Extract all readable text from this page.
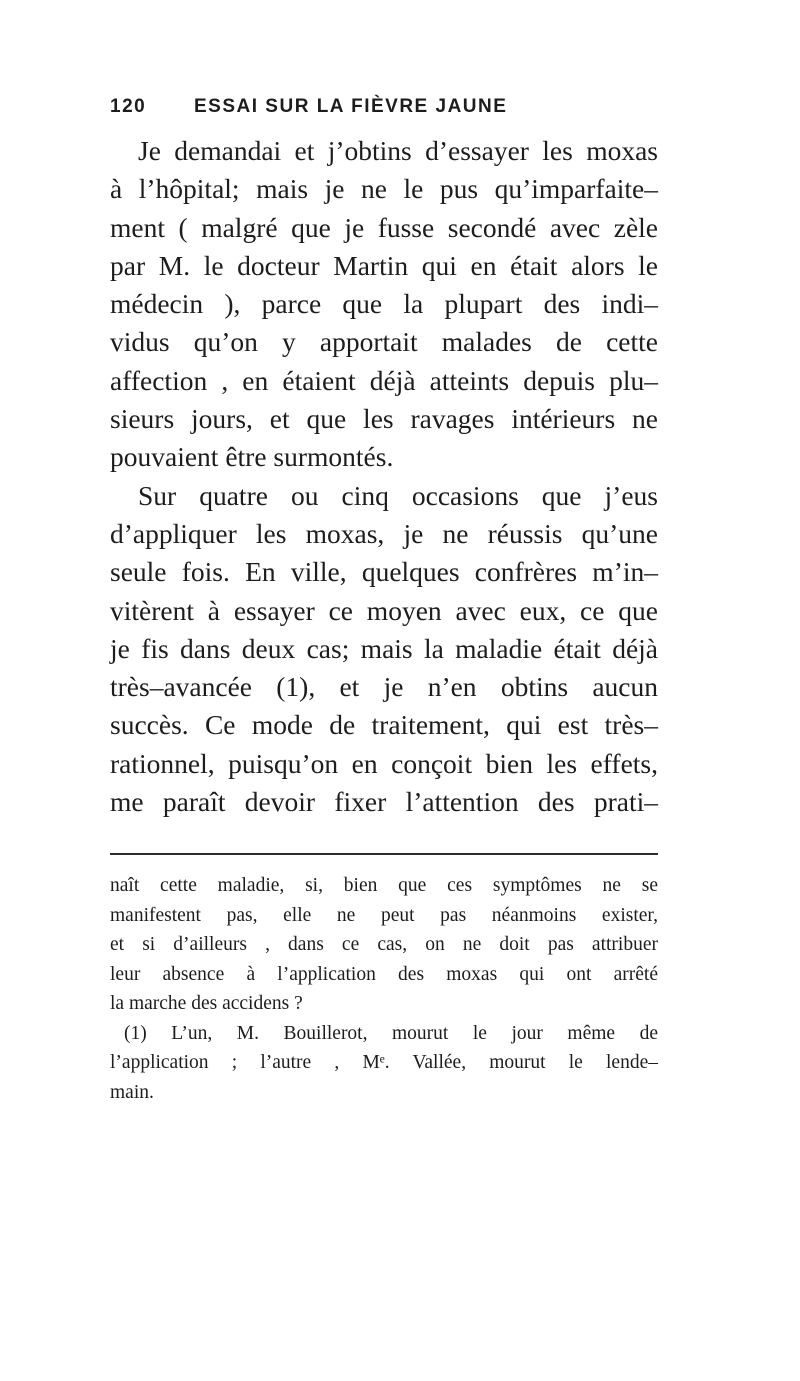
120	ESSAI SUR LA FIÈVRE JAUNE
Je demandai et j’obtins d’essayer les moxas
à l’hôpital; mais je ne le pus qu’imparfaite–
ment ( malgré que je fusse secondé avec zèle
par M. le docteur Martin qui en était alors le
médecin ), parce que la plupart des indi–
vidus qu’on y apportait malades de cette
affection , en étaient déjà atteints depuis plu–
sieurs jours, et que les ravages intérieurs ne
pouvaient être surmontés.
Sur quatre ou cinq occasions que j’eus
d’appliquer les moxas, je ne réussis qu’une
seule fois. En ville, quelques confrères m’in–
vitèrent à essayer ce moyen avec eux, ce que
je fis dans deux cas; mais la maladie était déjà
très–avancée (1), et je n’en obtins aucun
succès. Ce mode de traitement, qui est très–
rationnel, puisqu’on en conçoit bien les effets,
me paraît devoir fixer l’attention des prati–
naît cette maladie, si, bien que ces symptômes ne se
manifestent pas, elle ne peut pas néanmoins exister,
et si d’ailleurs , dans ce cas, on ne doit pas attribuer
leur absence à l’application des moxas qui ont arrêté
la marche des accidens ?
(1) L’un, M. Bouillerot, mourut le jour même de
l’application ; l’autre , Mᵉ. Vallée, mourut le lende–
main.
